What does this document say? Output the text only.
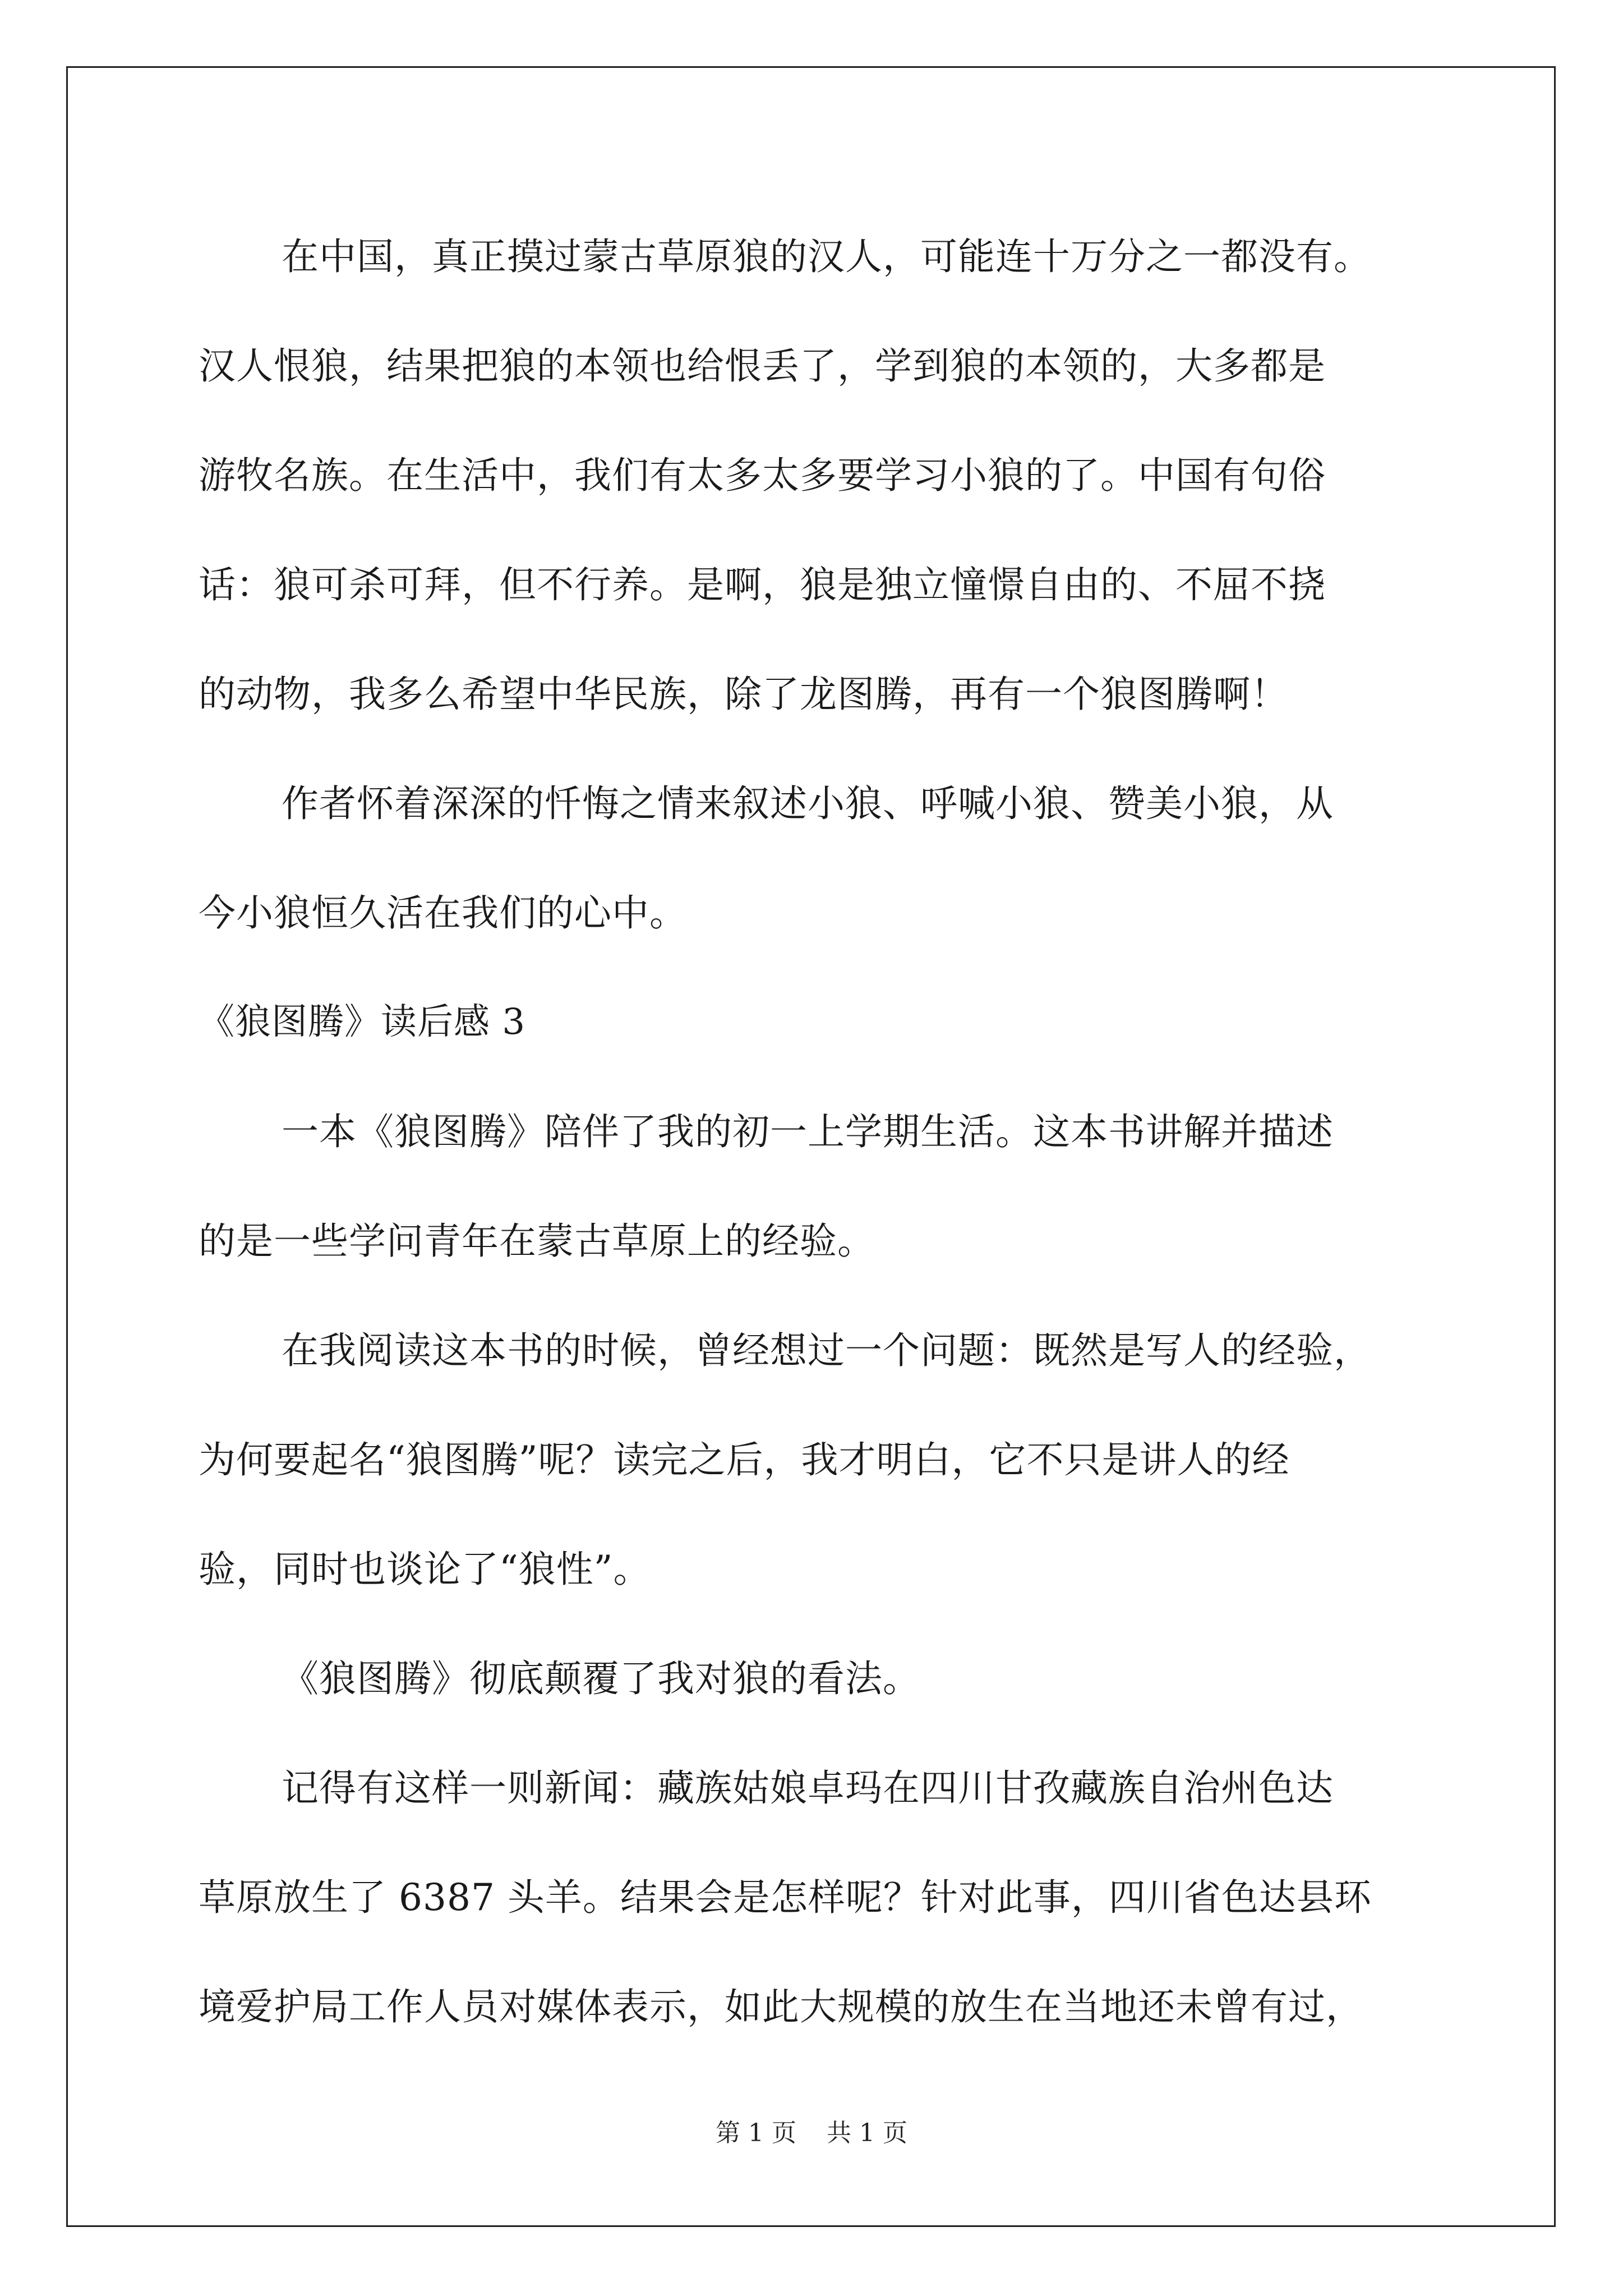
在中国，真正摸过蒙古草原狼的汉人，可能连十万分之一都没有。
汉人恨狼，结果把狼的本领也给恨丢了，学到狼的本领的，大多都是
游牧名族。在生活中，我们有太多太多要学习小狼的了。中国有句俗
话：狼可杀可拜，但不行养。是啊，狼是独立憧憬自由的、不屈不挠
的动物，我多么希望中华民族，除了龙图腾，再有一个狼图腾啊！
作者怀着深深的忏悔之情来叙述小狼、呼喊小狼、赞美小狼，从
今小狼恒久活在我们的心中。
《狼图腾》读后感 3
一本《狼图腾》陪伴了我的初一上学期生活。这本书讲解并描述
的是一些学问青年在蒙古草原上的经验。
在我阅读这本书的时候，曾经想过一个问题：既然是写人的经验，
为何要起名“狼图腾”呢？读完之后，我才明白，它不只是讲人的经
验，同时也谈论了“狼性”。
《狼图腾》彻底颠覆了我对狼的看法。
记得有这样一则新闻：藏族姑娘卓玛在四川甘孜藏族自治州色达
草原放生了 6387 头羊。结果会是怎样呢？针对此事，四川省色达县环
境爱护局工作人员对媒体表示，如此大规模的放生在当地还未曾有过，
第 1 页 共 1 页
